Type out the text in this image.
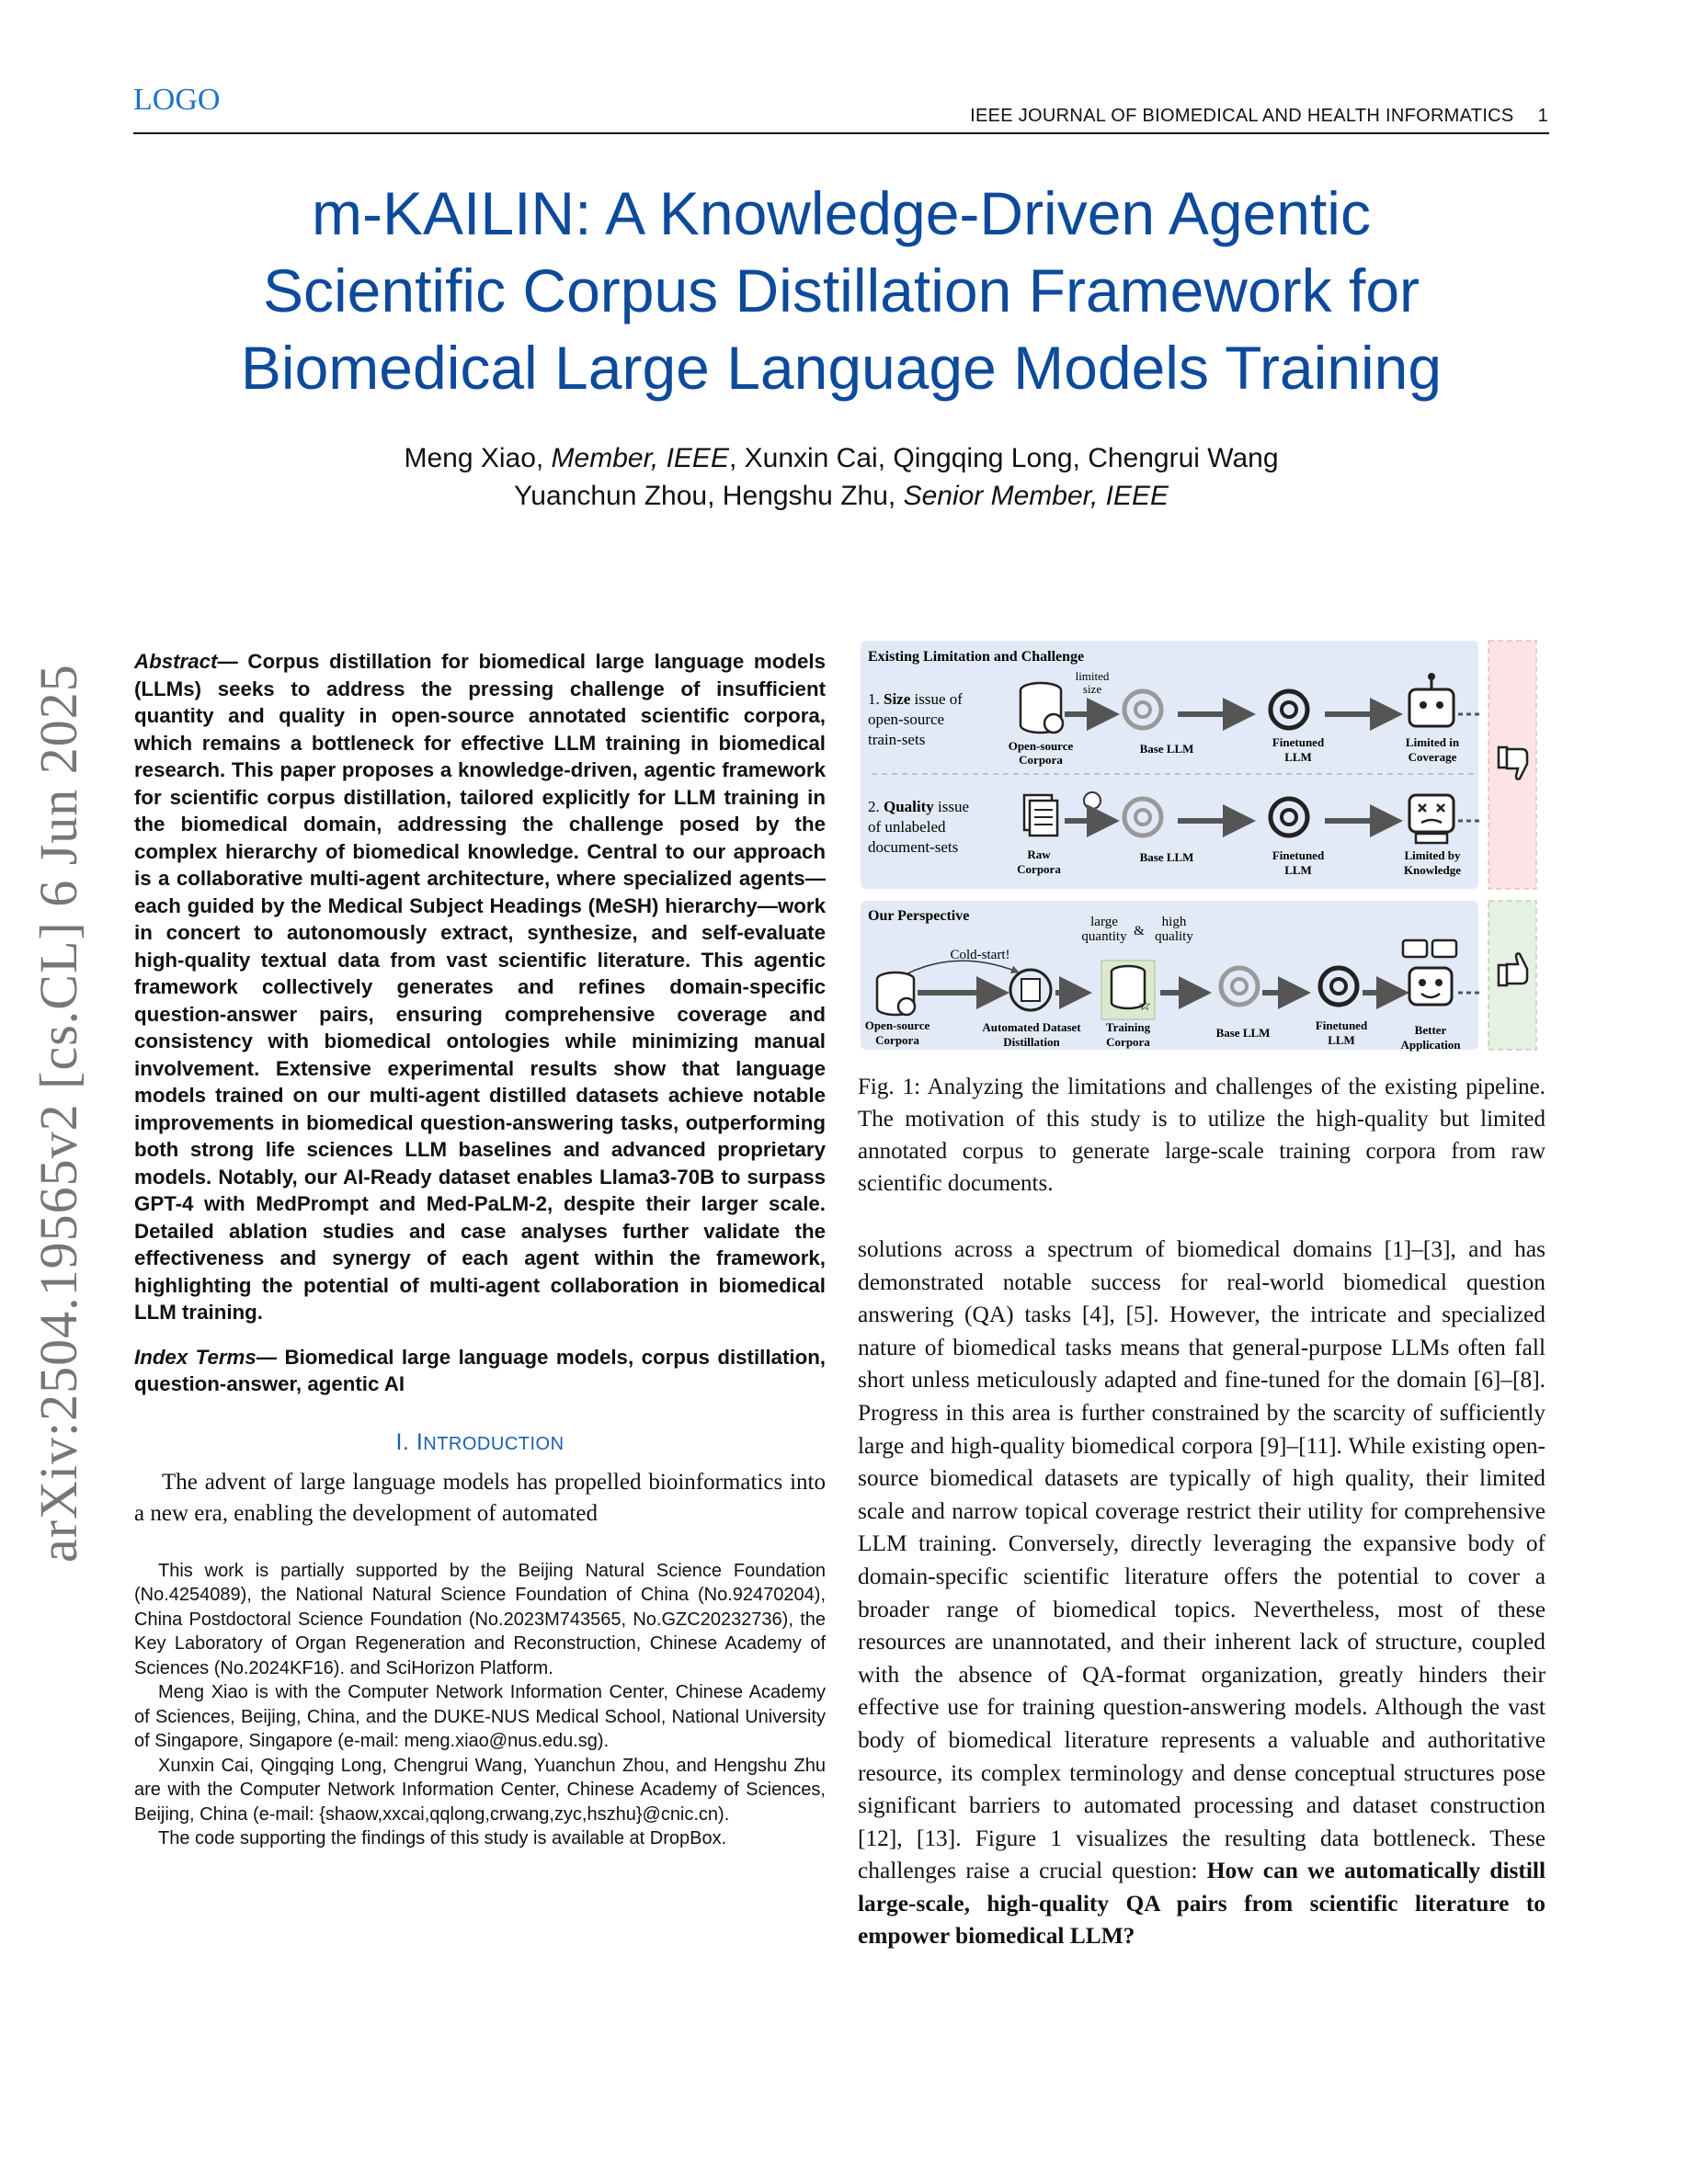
LOGO	IEEE JOURNAL OF BIOMEDICAL AND HEALTH INFORMATICS 1
m-KAILIN: A Knowledge-Driven Agentic
Scientific Corpus Distillation Framework for
Biomedical Large Language Models Training
Meng Xiao, Member, IEEE, Xunxin Cai, Qingqing Long, Chengrui Wang
Yuanchun Zhou, Hengshu Zhu, Senior Member, IEEE
arXiv:2504.19565v2 [cs.CL] 6 Jun 2025

Abstract— Corpus distillation for biomedical large language models (LLMs) seeks to address the pressing challenge of insufficient quantity and quality in open-source annotated scientific corpora, which remains a bottleneck for effective LLM training in biomedical research. This paper proposes a knowledge-driven, agentic framework for scientific corpus distillation, tailored explicitly for LLM training in the biomedical domain, addressing the challenge posed by the complex hierarchy of biomedical knowledge. Central to our approach is a collaborative multi-agent architecture, where specialized agents—each guided by the Medical Subject Headings (MeSH) hierarchy—work in concert to autonomously extract, synthesize, and self-evaluate high-quality textual data from vast scientific literature. This agentic framework collectively generates and refines domain-specific question-answer pairs, ensuring comprehensive coverage and consistency with biomedical ontologies while minimizing manual involvement. Extensive experimental results show that language models trained on our multi-agent distilled datasets achieve notable improvements in biomedical question-answering tasks, outperforming both strong life sciences LLM baselines and advanced proprietary models. Notably, our AI-Ready dataset enables Llama3-70B to surpass GPT-4 with MedPrompt and Med-PaLM-2, despite their larger scale. Detailed ablation studies and case analyses further validate the effectiveness and synergy of each agent within the framework, highlighting the potential of multi-agent collaboration in biomedical LLM training.

Index Terms— Biomedical large language models, corpus distillation, question-answer, agentic AI

I. INTRODUCTION

The advent of large language models has propelled bioinformatics into a new era, enabling the development of automated

This work is partially supported by the Beijing Natural Science Foundation (No.4254089), the National Natural Science Foundation of China (No.92470204), China Postdoctoral Science Foundation (No.2023M743565, No.GZC20232736), the Key Laboratory of Organ Regeneration and Reconstruction, Chinese Academy of Sciences (No.2024KF16). and SciHorizon Platform.

Meng Xiao is with the Computer Network Information Center, Chinese Academy of Sciences, Beijing, China, and the DUKE-NUS Medical School, National University of Singapore, Singapore (e-mail: meng.xiao@nus.edu.sg).

Xunxin Cai, Qingqing Long, Chengrui Wang, Yuanchun Zhou, and Hengshu Zhu are with the Computer Network Information Center, Chinese Academy of Sciences, Beijing, China (e-mail: {shaow,xxcai,qqlong,crwang,zyc,hszhu}@cnic.cn).

The code supporting the findings of this study is available at DropBox.

Existing Limitation and Challenge
1. Size issue of
open-source
train-sets
limited
size
Open-source
Corpora
Base LLM	Finetuned
LLM
Limited in
Coverage
2. Quality issue
of unlabeled
document-sets	Raw
Corpora
Base LLM	Finetuned
LLM
Limited by
Knowledge
Our Perspective	large
quantity &
high
quality
Cold-start!
☆
Open-source
Corpora
Automated Dataset
Distillation
Training
Corpora
Base LLM
Finetuned
LLM
Better
Application

Fig. 1: Analyzing the limitations and challenges of the existing pipeline. The motivation of this study is to utilize the high-quality but limited annotated corpus to generate large-scale training corpora from raw scientific documents.

solutions across a spectrum of biomedical domains [1]–[3], and has demonstrated notable success for real-world biomedical question answering (QA) tasks [4], [5]. However, the intricate and specialized nature of biomedical tasks means that general-purpose LLMs often fall short unless meticulously adapted and fine-tuned for the domain [6]–[8]. Progress in this area is further constrained by the scarcity of sufficiently large and high-quality biomedical corpora [9]–[11]. While existing open-source biomedical datasets are typically of high quality, their limited scale and narrow topical coverage restrict their utility for comprehensive LLM training. Conversely, directly leveraging the expansive body of domain-specific scientific literature offers the potential to cover a broader range of biomedical topics. Nevertheless, most of these resources are unannotated, and their inherent lack of structure, coupled with the absence of QA-format organization, greatly hinders their effective use for training question-answering models. Although the vast body of biomedical literature represents a valuable and authoritative resource, its complex terminology and dense conceptual structures pose significant barriers to automated processing and dataset construction [12], [13]. Figure 1 visualizes the resulting data bottleneck. These challenges raise a crucial question: How can we automatically distill large-scale, high-quality QA pairs from scientific literature to empower biomedical LLM?
